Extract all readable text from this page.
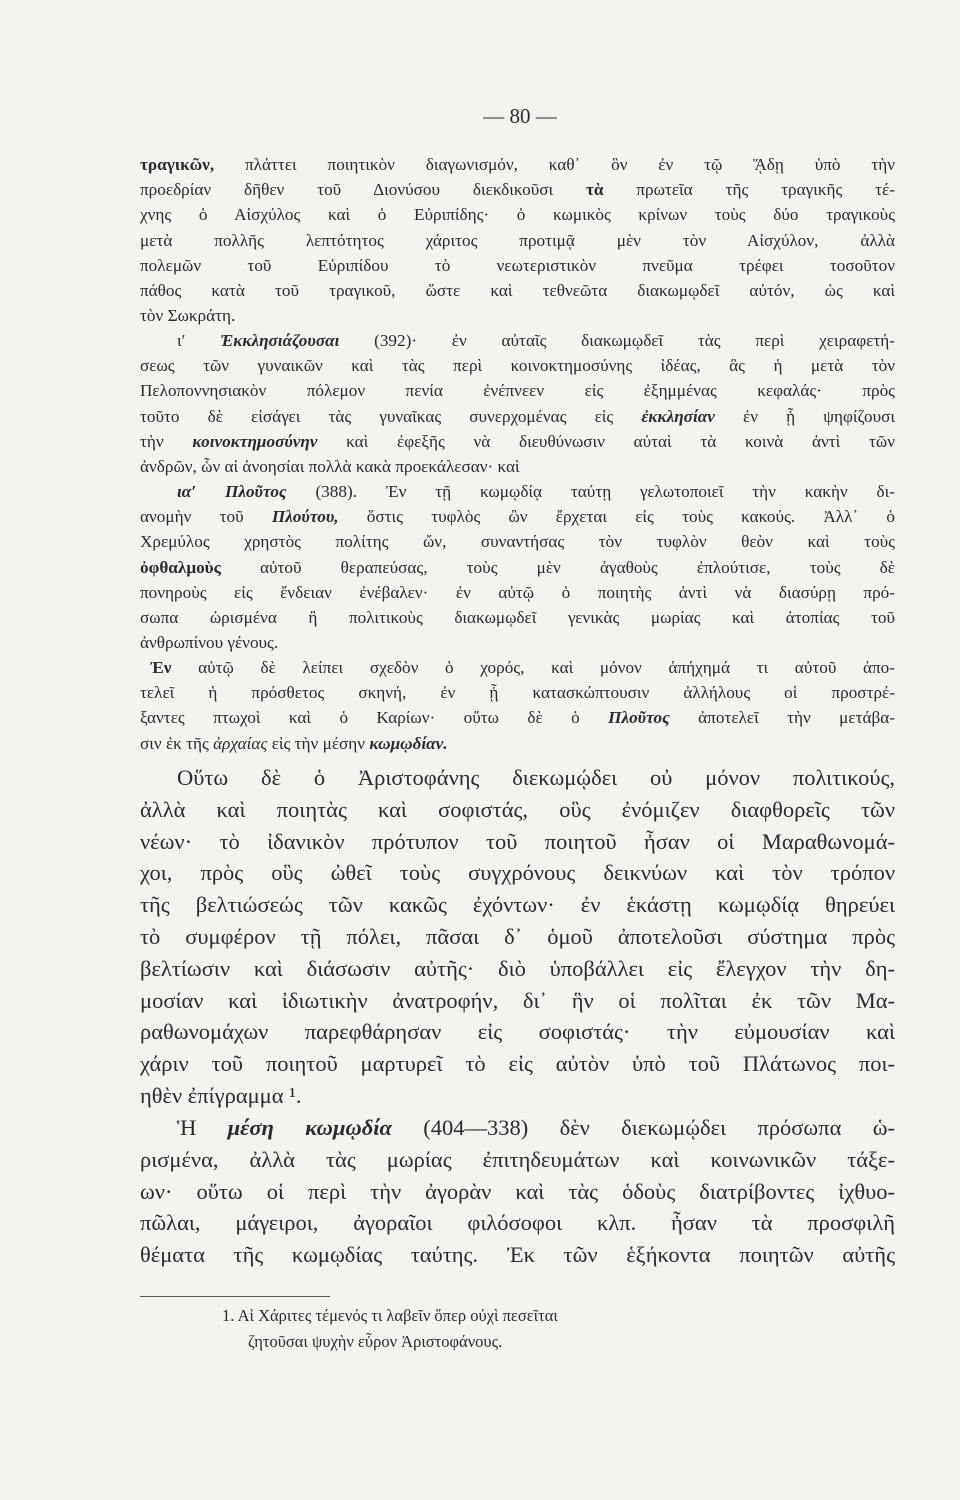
— 80 —
τραγικῶν, πλάττει ποιητικὸν διαγωνισμόν, καθ᾽ ὃν ἐν τῷ ᾍδῃ ὑπὸ τὴν
προεδρίαν δῆθεν τοῦ Διονύσου διεκδικοῦσι τὰ πρωτεῖα τῆς τραγικῆς τέ-
χνης ὁ Αἰσχύλος καὶ ὁ Εὐριπίδης· ὁ κωμικὸς κρίνων τοὺς δύο τραγικοὺς
μετὰ πολλῆς λεπτότητος χάριτος προτιμᾷ μὲν τὸν Αἰσχύλον, ἀλλὰ
πολεμῶν τοῦ Εὐριπίδου τὸ νεωτεριστικὸν πνεῦμα τρέφει τοσοῦτον
πάθος κατὰ τοῦ τραγικοῦ, ὥστε καὶ τεθνεῶτα διακωμῳδεῖ αὐτόν, ὡς καὶ
τὸν Σωκράτη.
ι′ Ἐκκλησιάζουσαι (392)· ἐν αὐταῖς διακωμῳδεῖ τὰς περὶ χειραφετή-
σεως τῶν γυναικῶν καὶ τὰς περὶ κοινοκτημοσύνης ἰδέας, ἃς ἡ μετὰ τὸν
Πελοποννησιακὸν πόλεμον πενία ἐνέπνεεν εἰς ἐξημμένας κεφαλάς· πρὸς
τοῦτο δὲ εἰσάγει τὰς γυναῖκας συνερχομένας εἰς ἐκκλησίαν ἐν ᾗ ψηφίζουσι
τὴν κοινοκτημοσύνην καὶ ἐφεξῆς νὰ διευθύνωσιν αὐταὶ τὰ κοινὰ ἀντὶ τῶν
ἀνδρῶν, ὧν αἱ ἀνοησίαι πολλὰ κακὰ προεκάλεσαν· καὶ
ια′ Πλοῦτος (388). Ἐν τῇ κωμῳδίᾳ ταύτῃ γελωτοποιεῖ τὴν κακὴν δι-
ανομὴν τοῦ Πλούτου, ὅστις τυφλὸς ὢν ἔρχεται εἰς τοὺς κακούς. Ἀλλ᾽ ὁ
Χρεμύλος χρηστὸς πολίτης ὤν, συναντήσας τὸν τυφλὸν θεὸν καὶ τοὺς
ὀφθαλμοὺς αὐτοῦ θεραπεύσας, τοὺς μὲν ἀγαθοὺς ἐπλούτισε, τοὺς δὲ
πονηροὺς εἰς ἔνδειαν ἐνέβαλεν· ἐν αὐτῷ ὁ ποιητὴς ἀντὶ νὰ διασύρῃ πρό-
σωπα ὡρισμένα ἢ πολιτικοὺς διακωμῳδεῖ γενικὰς μωρίας καὶ ἀτοπίας τοῦ
ἀνθρωπίνου γένους.
Ἐν αὐτῷ δὲ λείπει σχεδὸν ὁ χορός, καὶ μόνον ἀπήχημά τι αὐτοῦ ἀπο-
τελεῖ ἡ πρόσθετος σκηνή, ἐν ᾗ κατασκώπτουσιν ἀλλήλους οἱ προστρέ-
ξαντες πτωχοὶ καὶ ὁ Καρίων· οὕτω δὲ ὁ Πλοῦτος ἀποτελεῖ τὴν μετάβα-
σιν ἐκ τῆς ἀρχαίας εἰς τὴν μέσην κωμῳδίαν.
Οὕτω δὲ ὁ Ἀριστοφάνης διεκωμῴδει οὐ μόνον πολιτικούς,
ἀλλὰ καὶ ποιητὰς καὶ σοφιστάς, οὓς ἐνόμιζεν διαφθορεῖς τῶν
νέων· τὸ ἰδανικὸν πρότυπον τοῦ ποιητοῦ ἦσαν οἱ Μαραθωνομά-
χοι, πρὸς οὓς ὠθεῖ τοὺς συγχρόνους δεικνύων καὶ τὸν τρόπον
τῆς βελτιώσεώς τῶν κακῶς ἐχόντων· ἐν ἑκάστῃ κωμῳδίᾳ θηρεύει
τὸ συμφέρον τῇ πόλει, πᾶσαι δ᾽ ὁμοῦ ἀποτελοῦσι σύστημα πρὸς
βελτίωσιν καὶ διάσωσιν αὐτῆς· διὸ ὑποβάλλει εἰς ἔλεγχον τὴν δη-
μοσίαν καὶ ἰδιωτικὴν ἀνατροφήν, δι᾽ ἣν οἱ πολῖται ἐκ τῶν Μα-
ραθωνομάχων παρεφθάρησαν εἰς σοφιστάς· τὴν εὐμουσίαν καὶ
χάριν τοῦ ποιητοῦ μαρτυρεῖ τὸ εἰς αὐτὸν ὑπὸ τοῦ Πλάτωνος ποι-
ηθὲν ἐπίγραμμα ¹.
Ἡ μέση κωμῳδία (404—338) δὲν διεκωμῴδει πρόσωπα ὡ-
ρισμένα, ἀλλὰ τὰς μωρίας ἐπιτηδευμάτων καὶ κοινωνικῶν τάξε-
ων· οὕτω οἱ περὶ τὴν ἀγορὰν καὶ τὰς ὁδοὺς διατρίβοντες ἰχθυο-
πῶλαι, μάγειροι, ἀγοραῖοι φιλόσοφοι κλπ. ἦσαν τὰ προσφιλῆ
θέματα τῆς κωμῳδίας ταύτης. Ἐκ τῶν ἑξήκοντα ποιητῶν αὐτῆς
1. Αἱ Χάριτες τέμενός τι λαβεῖν ὅπερ οὐχὶ πεσεῖται
ζητοῦσαι ψυχὴν εὗρον Ἀριστοφάνους.
